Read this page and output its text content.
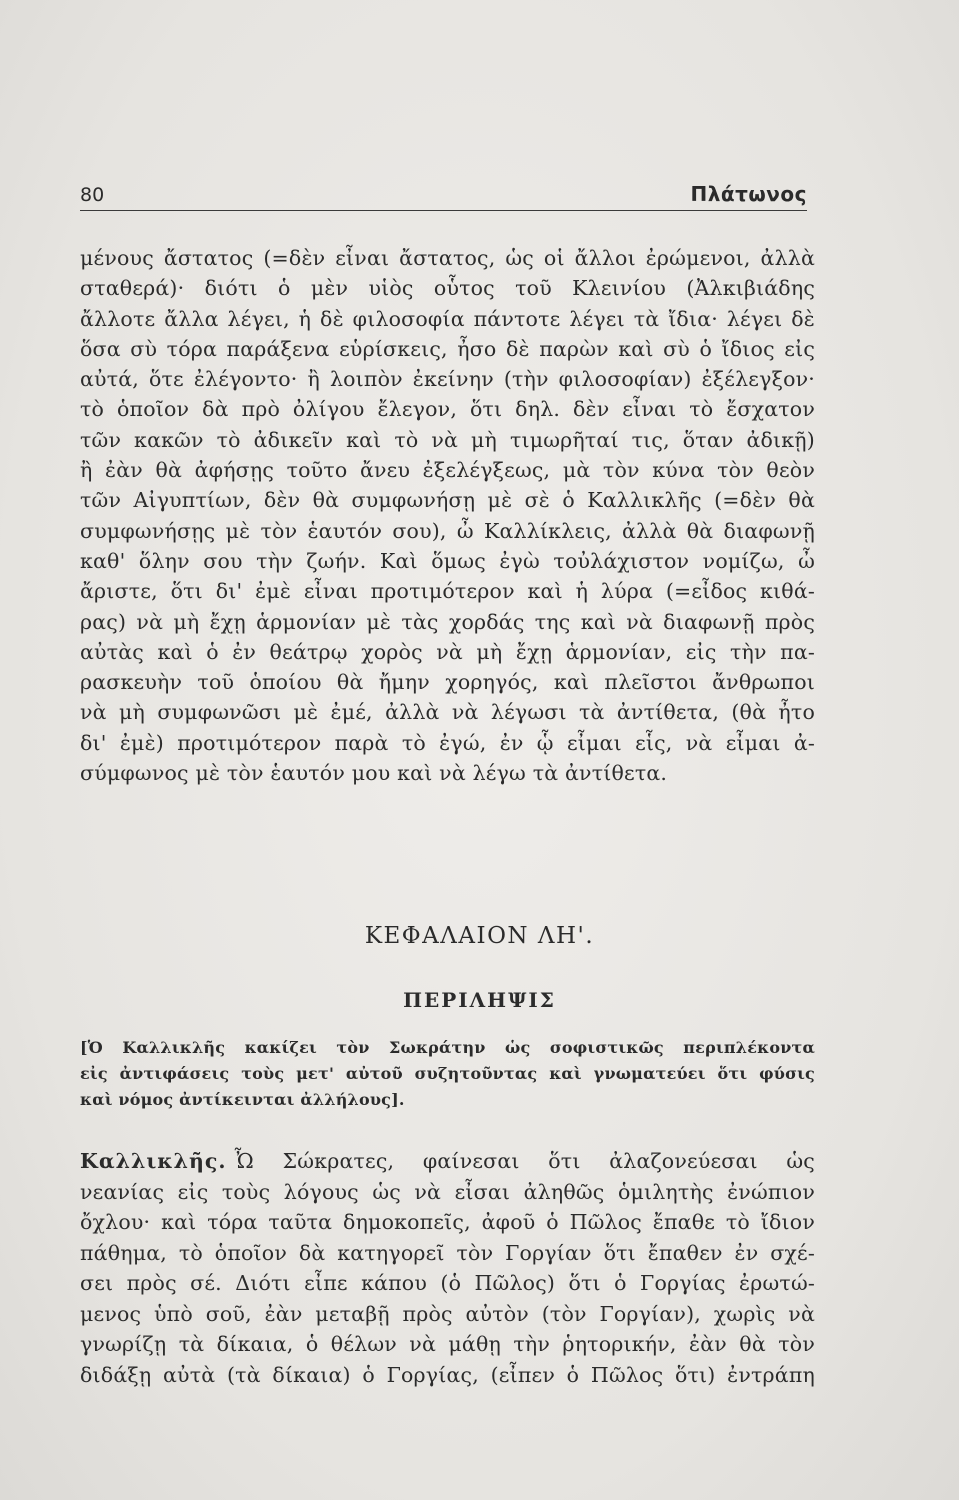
80	Πλάτωνος
μένους ἄστατος (=δὲν εἶναι ἄστατος, ὡς οἱ ἄλλοι ἐρώμενοι, ἀλλὰ
σταθερά)· διότι ὁ μὲν υἱὸς οὗτος τοῦ Κλεινίου (Ἀλκιβιάδης
ἄλλοτε ἄλλα λέγει, ἡ δὲ φιλοσοφία πάντοτε λέγει τὰ ἴδια· λέγει δὲ
ὅσα σὺ τόρα παράξενα εὑρίσκεις, ἦσο δὲ παρὼν καὶ σὺ ὁ ἴδιος εἰς
αὐτά, ὅτε ἐλέγοντο· ἢ λοιπὸν ἐκείνην (τὴν φιλοσοφίαν) ἐξέλεγξον·
τὸ ὁποῖον δὰ πρὸ ὀλίγου ἔλεγον, ὅτι δηλ. δὲν εἶναι τὸ ἔσχατον
τῶν κακῶν τὸ ἀδικεῖν καὶ τὸ νὰ μὴ τιμωρῆταί τις, ὅταν ἀδικῇ)
ἢ ἐὰν θὰ ἀφήσῃς τοῦτο ἄνευ ἐξελέγξεως, μὰ τὸν κύνα τὸν θεὸν
τῶν Αἰγυπτίων, δὲν θὰ συμφωνήσῃ μὲ σὲ ὁ Καλλικλῆς (=δὲν θὰ
συμφωνήσῃς μὲ τὸν ἑαυτόν σου), ὦ Καλλίκλεις, ἀλλὰ θὰ διαφωνῇ
καθ' ὅλην σου τὴν ζωήν. Καὶ ὅμως ἐγὼ τοὐλάχιστον νομίζω, ὦ
ἄριστε, ὅτι δι' ἐμὲ εἶναι προτιμότερον καὶ ἡ λύρα (=εἶδος κιθά-
ρας) νὰ μὴ ἔχῃ ἁρμονίαν μὲ τὰς χορδάς της καὶ νὰ διαφωνῇ πρὸς
αὐτὰς καὶ ὁ ἐν θεάτρῳ χορὸς νὰ μὴ ἔχῃ ἁρμονίαν, εἰς τὴν πα-
ρασκευὴν τοῦ ὁποίου θὰ ἤμην χορηγός, καὶ πλεῖστοι ἄνθρωποι
νὰ μὴ συμφωνῶσι μὲ ἐμέ, ἀλλὰ νὰ λέγωσι τὰ ἀντίθετα, (θὰ ἦτο
δι' ἐμὲ) προτιμότερον παρὰ τὸ ἐγώ, ἐν ᾧ εἶμαι εἷς, νὰ εἶμαι ἀ-
σύμφωνος μὲ τὸν ἑαυτόν μου καὶ νὰ λέγω τὰ ἀντίθετα.
ΚΕΦΑΛΑΙΟΝ ΛΗ'.
ΠΕΡΙΛΗΨΙΣ
[Ὁ Καλλικλῆς κακίζει τὸν Σωκράτην ὡς σοφιστικῶς περιπλέκοντα
εἰς ἀντιφάσεις τοὺς μετ' αὐτοῦ συζητοῦντας καὶ γνωματεύει ὅτι φύσις
καὶ νόμος ἀντίκεινται ἀλλήλους].
Καλλικλῆς. Ὦ Σώκρατες, φαίνεσαι ὅτι ἀλαζονεύεσαι ὡς
νεανίας εἰς τοὺς λόγους ὡς νὰ εἶσαι ἀληθῶς ὁμιλητὴς ἐνώπιον
ὄχλου· καὶ τόρα ταῦτα δημοκοπεῖς, ἀφοῦ ὁ Πῶλος ἔπαθε τὸ ἴδιον
πάθημα, τὸ ὁποῖον δὰ κατηγορεῖ τὸν Γοργίαν ὅτι ἔπαθεν ἐν σχέ-
σει πρὸς σέ. Διότι εἶπε κάπου (ὁ Πῶλος) ὅτι ὁ Γοργίας ἐρωτώ-
μενος ὑπὸ σοῦ, ἐὰν μεταβῇ πρὸς αὐτὸν (τὸν Γοργίαν), χωρὶς νὰ
γνωρίζῃ τὰ δίκαια, ὁ θέλων νὰ μάθῃ τὴν ῥητορικήν, ἐὰν θὰ τὸν
διδάξῃ αὐτὰ (τὰ δίκαια) ὁ Γοργίας, (εἶπεν ὁ Πῶλος ὅτι) ἐντράπη
